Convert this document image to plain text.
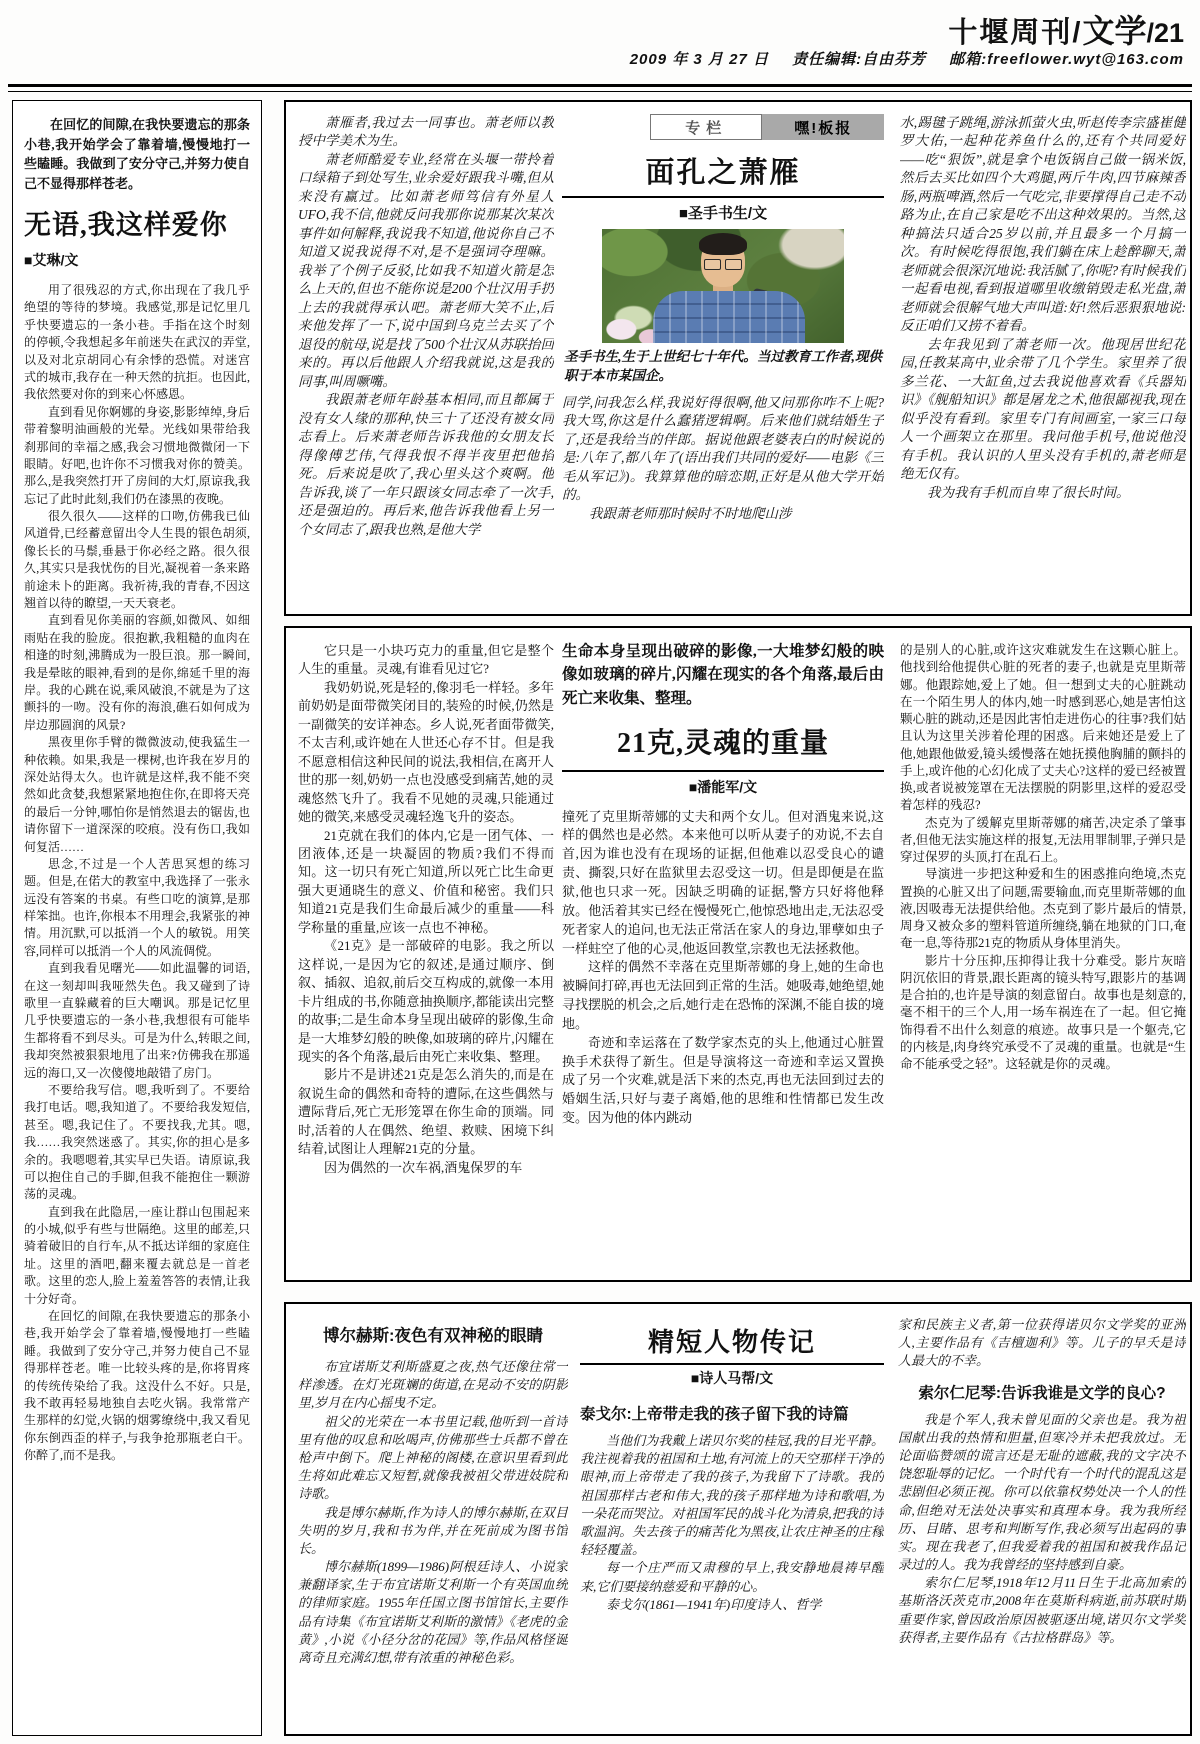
十堰周刊/文学/21
2009 年 3 月 27 日 责任编辑:自由芬芳 邮箱:freeflower.wyt@163.com

在回忆的间隙,在我快要遗忘的那条小巷,我开始学会了靠着墙,慢慢地打一些瞌睡。我做到了安分守己,并努力使自己不显得那样苍老。

无语,我这样爱你
■艾琳/文

用了很残忍的方式,你出现在了我几乎绝望的等待的梦境。我感觉,那是记忆里几乎快要遗忘的一条小巷。手指在这个时刻的停顿,令我想起多年前迷失在武汉的弄堂,以及对北京胡同心有余悸的恐慌。对迷宫式的城市,我存在一种天然的抗拒。也因此,我依然要对你的到来心怀感恩。

直到看见你婀娜的身姿,影影绰绰,身后带着黎明油画般的光晕。光线如果带给我刹那间的幸福之感,我会习惯地微微闭一下眼睛。好吧,也许你不习惯我对你的赞美。那么,是我突然打开了房间的大灯,原谅我,我忘记了此时此刻,我们仍在漆黑的夜晚。

很久很久——这样的口吻,仿佛我已仙风道骨,已经蓄意留出令人生畏的银色胡须,像长长的马鬃,垂悬于你必经之路。很久很久,其实只是我忧伤的目光,凝视着一条来路前途未卜的距离。我祈祷,我的青春,不因这翘首以待的瞭望,一天天衰老。

直到看见你美丽的容颜,如微风、如细雨贴在我的脸庞。很抱歉,我粗糙的血肉在相逢的时刻,沸腾成为一股巨浪。那一瞬间,我是晕眩的眼神,看到的是你,绵延千里的海岸。我的心跳在说,乘风破浪,不就是为了这颤抖的一吻。没有你的海浪,礁石如何成为岸边那圆润的风景?

黑夜里你手臂的微微波动,使我猛生一种依赖。如果,我是一棵树,也许我在岁月的深处站得太久。也许就是这样,我不能不突然如此贪婪,我想紧紧地抱住你,在即将天亮的最后一分钟,哪怕你是悄然退去的锯齿,也请你留下一道深深的咬痕。没有伤口,我如何复活……

思念,不过是一个人苦思冥想的练习题。但是,在偌大的教室中,我选择了一张永远没有答案的书桌。有些口吃的演算,是那样笨拙。也许,你根本不用理会,我紧张的神情。用沉默,可以抵消一个人的敏锐。用笑容,同样可以抵消一个人的风流倜傥。

直到我看见曙光——如此温馨的词语,在这一刻却叫我哑然失色。我又碰到了诗歌里一直躲藏着的巨大嘲讽。那是记忆里几乎快要遗忘的一条小巷,我想很有可能毕生都将看不到尽头。可是为什么,转眼之间,我却突然被狠狠地甩了出来?仿佛我在那遥远的海口,又一次傻傻地敲错了房门。

不要给我写信。嗯,我听到了。不要给我打电话。嗯,我知道了。不要给我发短信,甚至。嗯,我记住了。不要找我,尤其。嗯,我……我突然迷惑了。其实,你的担心是多余的。我嗯嗯着,其实早已失语。请原谅,我可以抱住自己的手脚,但我不能抱住一颗游荡的灵魂。

直到我在此隐居,一座让群山包围起来的小城,似乎有些与世隔绝。这里的邮差,只骑着破旧的自行车,从不抵达详细的家庭住址。这里的酒吧,翻来覆去就总是一首老歌。这里的恋人,脸上羞羞答答的表情,让我十分好奇。

在回忆的间隙,在我快要遗忘的那条小巷,我开始学会了靠着墙,慢慢地打一些瞌睡。我做到了安分守己,并努力使自己不显得那样苍老。唯一比较头疼的是,你将胃疼的传统传染给了我。这没什么不好。只是,我不敢再轻易地独自去吃火锅。我常常产生那样的幻觉,火锅的烟雾缭绕中,我又看见你东倒西歪的样子,与我争抢那瓶老白干。你醉了,而不是我。

萧雁者,我过去一同事也。萧老师以教授中学美术为生。

萧老师酷爱专业,经常在头堰一带拎着口绿箱子到处写生,业余爱好跟我斗嘴,但从来没有赢过。比如萧老师笃信有外星人UFO,我不信,他就反问我那你说那某次某次事件如何解释,我说我不知道,他说你自己不知道又说我说得不对,是不是强词夺理嘛。我举了个例子反驳,比如我不知道火箭是怎么上天的,但也不能你说是200个壮汉用手扔上去的我就得承认吧。萧老师大笑不止,后来他发挥了一下,说中国到乌克兰去买了个退役的航母,说是找了500个壮汉从苏联抬回来的。再以后他跟人介绍我就说,这是我的同事,叫周噘嘴。

我跟萧老师年龄基本相同,而且都属于没有女人缘的那种,快三十了还没有被女同志看上。后来萧老师告诉我他的女朋友长得像傅艺伟,气得我恨不得半夜里把他掐死。后来说是吹了,我心里头这个爽啊。他告诉我,谈了一年只跟该女同志牵了一次手,还是强迫的。再后来,他告诉我他看上另一个女同志了,跟我也熟,是他大学

专栏	嘿!板报
面孔之萧雁
■圣手书生/文

圣手书生,生于上世纪七十年代。当过教育工作者,现供职于本市某国企。

同学,问我怎么样,我说好得很啊,他又问那你咋不上呢?我大骂,你这是什么蠢猪逻辑啊。后来他们就结婚生子了,还是我给当的伴郎。据说他跟老婆表白的时候说的是:八年了,都八年了(语出我们共同的爱好——电影《三毛从军记》)。我算算他的暗恋期,正好是从他大学开始的。

我跟萧老师那时候时不时地爬山涉

水,踢毽子跳绳,游泳抓萤火虫,听赵传李宗盛崔健罗大佑,一起种花养鱼什么的,还有个共同爱好——吃“狠饭”,就是拿个电饭锅自己做一锅米饭,然后去买比如四个大鸡腿,两斤牛肉,四节麻辣香肠,两瓶啤酒,然后一气吃完,非要撑得自己走不动路为止,在自己家是吃不出这种效果的。当然,这种搞法只适合25岁以前,并且最多一个月搞一次。有时候吃得很饱,我们躺在床上趁醉聊天,萧老师就会很深沉地说:我活腻了,你呢?有时候我们一起看电视,看到报道哪里收缴销毁走私光盘,萧老师就会很解气地大声叫道:好!然后恶狠狠地说:反正咱们又捞不着看。

去年我见到了萧老师一次。他现居世纪花园,任教某高中,业余带了几个学生。家里养了很多兰花、一大缸鱼,过去我说他喜欢看《兵器知识》《舰船知识》都是屠龙之术,他很鄙视我,现在似乎没有看到。家里专门有间画室,一家三口每人一个画架立在那里。我问他手机号,他说他没有手机。我认识的人里头没有手机的,萧老师是绝无仅有。

我为我有手机而自卑了很长时间。

它只是一小块巧克力的重量,但它是整个人生的重量。灵魂,有谁看见过它?

我奶奶说,死是轻的,像羽毛一样轻。多年前奶奶是面带微笑闭目的,装殓的时候,仍然是一副微笑的安详神态。乡人说,死者面带微笑,不太吉利,或许她在人世还心存不甘。但是我不愿意相信这种民间的说法,我相信,在离开人世的那一刻,奶奶一点也没感受到痛苦,她的灵魂悠然飞升了。我看不见她的灵魂,只能通过她的微笑,来感受灵魂轻逸飞升的姿态。

21克就在我们的体内,它是一团气体、一团液体,还是一块凝固的物质?我们不得而知。这一切只有死亡知道,所以死亡比生命更强大更通晓生的意义、价值和秘密。我们只知道21克是我们生命最后减少的重量——科学称量的重量,应该一点也不神秘。

《21克》是一部破碎的电影。我之所以这样说,一是因为它的叙述,是通过顺序、倒叙、插叙、追叙,前后交互构成的,就像一本用卡片组成的书,你随意抽换顺序,都能读出完整的故事;二是生命本身呈现出破碎的影像,生命是一大堆梦幻般的映像,如玻璃的碎片,闪耀在现实的各个角落,最后由死亡来收集、整理。

影片不是讲述21克是怎么消失的,而是在叙说生命的偶然和奇特的遭际,在这些偶然与遭际背后,死亡无形笼罩在你生命的顶端。同时,活着的人在偶然、绝望、救赎、困境下纠结着,试图让人理解21克的分量。

因为偶然的一次车祸,酒鬼保罗的车

生命本身呈现出破碎的影像,一大堆梦幻般的映像如玻璃的碎片,闪耀在现实的各个角落,最后由死亡来收集、整理。

21克,灵魂的重量
■潘能军/文

撞死了克里斯蒂娜的丈夫和两个女儿。但对酒鬼来说,这样的偶然也是必然。本来他可以听从妻子的劝说,不去自首,因为谁也没有在现场的证据,但他难以忍受良心的谴责、撕裂,只好在监狱里去忍受这一切。但是即便是在监狱,他也只求一死。因缺乏明确的证据,警方只好将他释放。他活着其实已经在慢慢死亡,他惊恐地出走,无法忍受死者家人的追问,也无法正常活在家人的身边,罪孽如虫子一样蛀空了他的心灵,他返回教堂,宗教也无法拯救他。

这样的偶然不幸落在克里斯蒂娜的身上,她的生命也被瞬间打碎,再也无法回到正常的生活。她吸毒,她绝望,她寻找摆脱的机会,之后,她行走在恐怖的深渊,不能自拔的境地。

奇迹和幸运落在了数学家杰克的头上,他通过心脏置换手术获得了新生。但是导演将这一奇迹和幸运又置换成了另一个灾难,就是活下来的杰克,再也无法回到过去的婚姻生活,只好与妻子离婚,他的思维和性情都已发生改变。因为他的体内跳动

的是别人的心脏,或许这灾难就发生在这颗心脏上。他找到给他提供心脏的死者的妻子,也就是克里斯蒂娜。他跟踪她,爱上了她。但一想到丈夫的心脏跳动在一个陌生男人的体内,她一时感到恶心,她是害怕这颗心脏的跳动,还是因此害怕走进伤心的往事?我们姑且认为这里关涉着伦理的困惑。后来她还是爱上了他,她跟他做爱,镜头缓慢落在她抚摸他胸脯的颤抖的手上,或许他的心幻化成了丈夫心?这样的爱已经被置换,或者说被笼罩在无法摆脱的阴影里,这样的爱忍受着怎样的残忍?

杰克为了缓解克里斯蒂娜的痛苦,决定杀了肇事者,但他无法实施这样的报复,无法用罪制罪,子弹只是穿过保罗的头顶,打在乱石上。

导演进一步把这种爱和生的困惑推向绝境,杰克置换的心脏又出了问题,需要输血,而克里斯蒂娜的血液,因吸毒无法提供给他。杰克到了影片最后的情景,周身又被众多的塑料管道所缠绕,躺在地狱的门口,奄奄一息,等待那21克的物质从身体里消失。

影片十分压抑,压抑得让我十分难受。影片灰暗阴沉依旧的背景,跟长距离的镜头特写,跟影片的基调是合拍的,也许是导演的刻意留白。故事也是刻意的,毫不相干的三个人,用一场车祸连在了一起。但它掩饰得看不出什么刻意的痕迹。故事只是一个躯壳,它的内核是,肉身终究承受不了灵魂的重量。也就是“生命不能承受之轻”。这轻就是你的灵魂。

博尔赫斯:夜色有双神秘的眼睛

布宜诺斯艾利斯盛夏之夜,热气还像往常一样渗透。在灯光斑斓的街道,在晃动不安的阴影里,岁月在内心摇曳不定。

祖父的光荣在一本书里记载,他听到一首诗里有他的叹息和吆喝声,仿佛那些士兵都不曾在枪声中倒下。爬上神秘的阁楼,在意识里看到此生将如此难忘又短暂,就像我被祖父带进妓院和诗歌。

我是博尔赫斯,作为诗人的博尔赫斯,在双目失明的岁月,我和书为伴,并在死前成为图书馆长。

博尔赫斯(1899—1986)阿根廷诗人、小说家兼翻译家,生于布宜诺斯艾利斯一个有英国血统的律师家庭。1955年任国立图书馆馆长,主要作品有诗集《布宜诺斯艾利斯的激情》《老虎的金黄》,小说《小径分岔的花园》等,作品风格怪诞离奇且充满幻想,带有浓重的神秘色彩。

精短人物传记
■诗人马帮/文

泰戈尔:上帝带走我的孩子留下我的诗篇

当他们为我戴上诺贝尔奖的桂冠,我的目光平静。我注视着我的祖国和土地,有河流上的天空那样干净的眼神,而上帝带走了我的孩子,为我留下了诗歌。我的祖国那样古老和伟大,我的孩子那样地为诗和歌唱,为一朵花而哭泣。对祖国军民的战斗化为清泉,把我的诗歌温润。失去孩子的痛苦化为黑夜,让农庄神圣的庄稼轻轻覆盖。

每一个庄严而又肃穆的早上,我安静地晨祷早醒来,它们要接纳慈爱和平静的心。

泰戈尔(1861—1941年)印度诗人、哲学

家和民族主义者,第一位获得诺贝尔文学奖的亚洲人,主要作品有《吉檀迦利》等。儿子的早夭是诗人最大的不幸。

索尔仁尼琴:告诉我谁是文学的良心?

我是个军人,我未曾见面的父亲也是。我为祖国献出我的热情和胆量,但寒冷并未把我放过。无论面临赞颂的谎言还是无耻的遮蔽,我的文字决不饶恕耻辱的记忆。一个时代有一个时代的混乱这是悲剧但必须正视。你可以依靠权势处决一个人的性命,但绝对无法处决事实和真理本身。我为我所经历、目睹、思考和判断写作,我必须写出起码的事实。现在我老了,但我爱着我的祖国和被我作品记录过的人。我为我曾经的坚持感到自豪。

索尔仁尼琴,1918年12月11日生于北高加索的基斯洛沃茨克市,2008年在莫斯科病逝,前苏联时期重要作家,曾因政治原因被驱逐出境,诺贝尔文学奖获得者,主要作品有《古拉格群岛》等。
